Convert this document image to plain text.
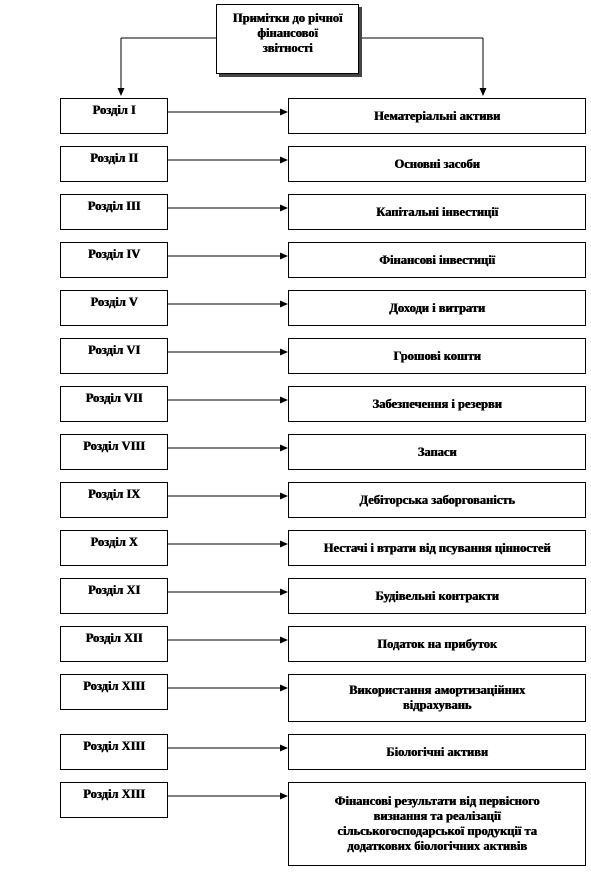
Примітки до річної
фінансової
звітності
Розділ I	Нематеріальні активи
Розділ II	Основні засоби
Розділ III	Капітальні інвестиції
Розділ IV	Фінансові інвестиції
Розділ V	Доходи і витрати
Розділ VI	Грошові кошти
Розділ VII	Забезпечення і резерви
Розділ VIII	Запаси
Розділ IX	Дебіторська заборгованість
Розділ X	Нестачі і втрати від псування цінностей
Розділ XI	Будівельні контракти
Розділ XII	Податок на прибуток
Розділ XIII	Використання амортизаційних
відрахувань
Розділ XIII	Біологічні активи
Розділ XIII	Фінансові результати від первісного
визнання та реалізації
сільськогосподарської продукції та
додаткових біологічних активів
